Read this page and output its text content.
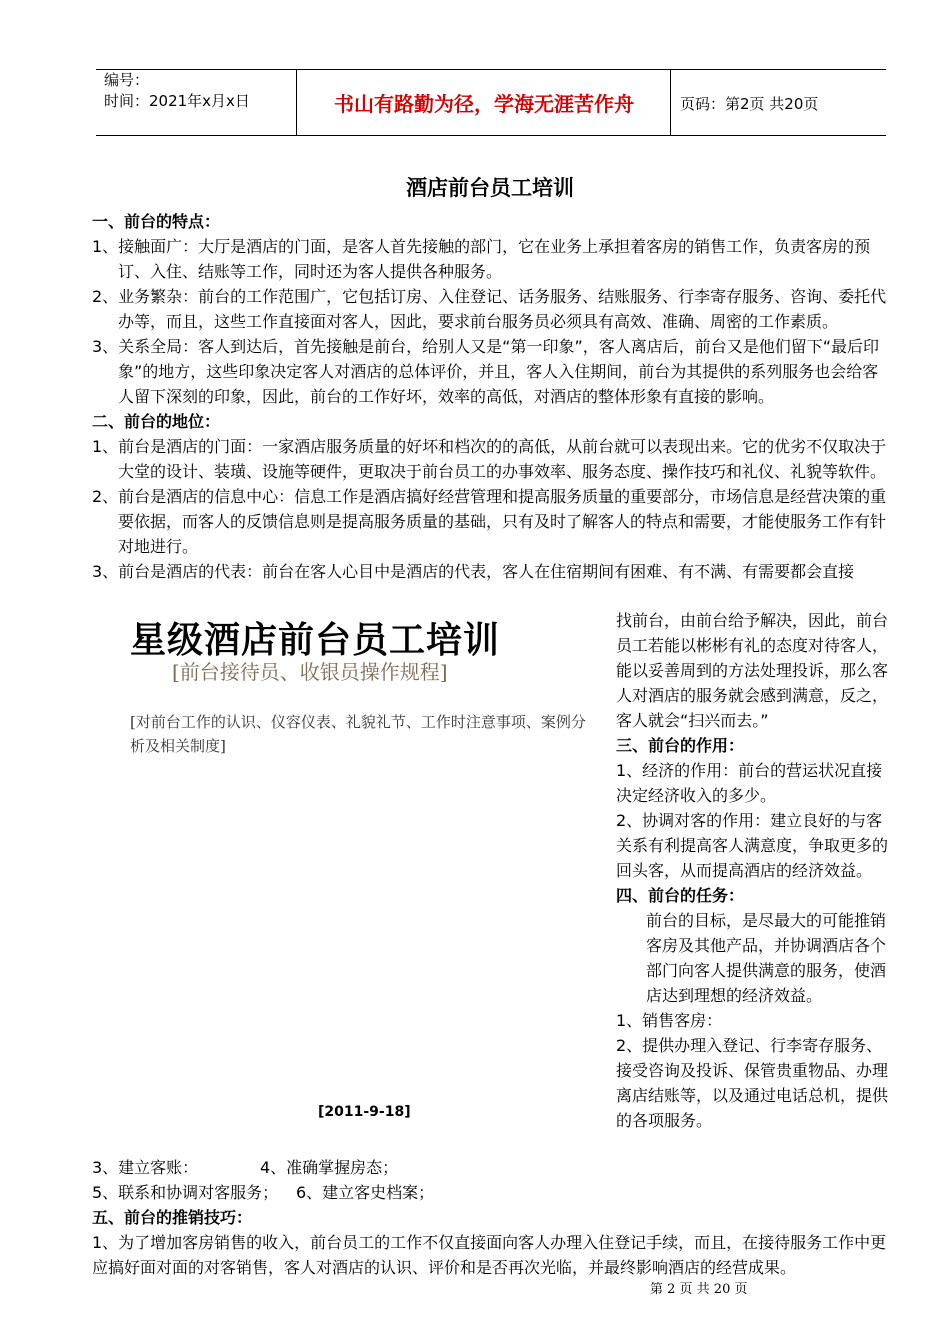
编号：
时间：2021年x月x日	书山有路勤为径，学海无涯苦作舟	页码：第2页 共20页
酒店前台员工培训

一、前台的特点：

1、接触面广：大厅是酒店的门面，是客人首先接触的部门，它在业务上承担着客房的销售工作，负责客房的预订、入住、结账等工作，同时还为客人提供各种服务。

2、业务繁杂：前台的工作范围广，它包括订房、入住登记、话务服务、结账服务、行李寄存服务、咨询、委托代办等，而且，这些工作直接面对客人，因此，要求前台服务员必须具有高效、准确、周密的工作素质。

3、关系全局：客人到达后，首先接触是前台，给别人又是“第一印象”，客人离店后，前台又是他们留下“最后印象”的地方，这些印象决定客人对酒店的总体评价，并且，客人入住期间，前台为其提供的系列服务也会给客人留下深刻的印象，因此，前台的工作好坏，效率的高低，对酒店的整体形象有直接的影响。

二、前台的地位：

1、前台是酒店的门面：一家酒店服务质量的好坏和档次的的高低，从前台就可以表现出来。它的优劣不仅取决于大堂的设计、装璜、设施等硬件，更取决于前台员工的办事效率、服务态度、操作技巧和礼仪、礼貌等软件。

2、前台是酒店的信息中心：信息工作是酒店搞好经营管理和提高服务质量的重要部分，市场信息是经营决策的重要依据，而客人的反馈信息则是提高服务质量的基础，只有及时了解客人的特点和需要，才能使服务工作有针对地进行。

3、前台是酒店的代表：前台在客人心目中是酒店的代表，客人在住宿期间有困难、有不满、有需要都会直接

星级酒店前台员工培训
[前台接待员、收银员操作规程]
[对前台工作的认识、仪容仪表、礼貌礼节、工作时注意事项、案例分析及相关制度]
[2011-9-18]

找前台，由前台给予解决，因此，前台员工若能以彬彬有礼的态度对待客人，能以妥善周到的方法处理投诉，那么客人对酒店的服务就会感到满意，反之，客人就会“扫兴而去。”

三、前台的作用：

1、经济的作用：前台的营运状况直接决定经济收入的多少。

2、协调对客的作用：建立良好的与客关系有利提高客人满意度，争取更多的回头客，从而提高酒店的经济效益。

四、前台的任务：

前台的目标，是尽最大的可能推销客房及其他产品，并协调酒店各个部门向客人提供满意的服务，使酒店达到理想的经济效益。

1、销售客房：

2、提供办理入登记、行李寄存服务、接受咨询及投诉、保管贵重物品、办理离店结账等，以及通过电话总机，提供的各项服务。

3、建立客账：	4、准确掌握房态；

5、联系和协调对客服务； 6、建立客史档案；

五、前台的推销技巧：

1、为了增加客房销售的收入，前台员工的工作不仅直接面向客人办理入住登记手续，而且，在接待服务工作中更应搞好面对面的对客销售，客人对酒店的认识、评价和是否再次光临，并最终影响酒店的经营成果。

第 2 页 共 20 页
